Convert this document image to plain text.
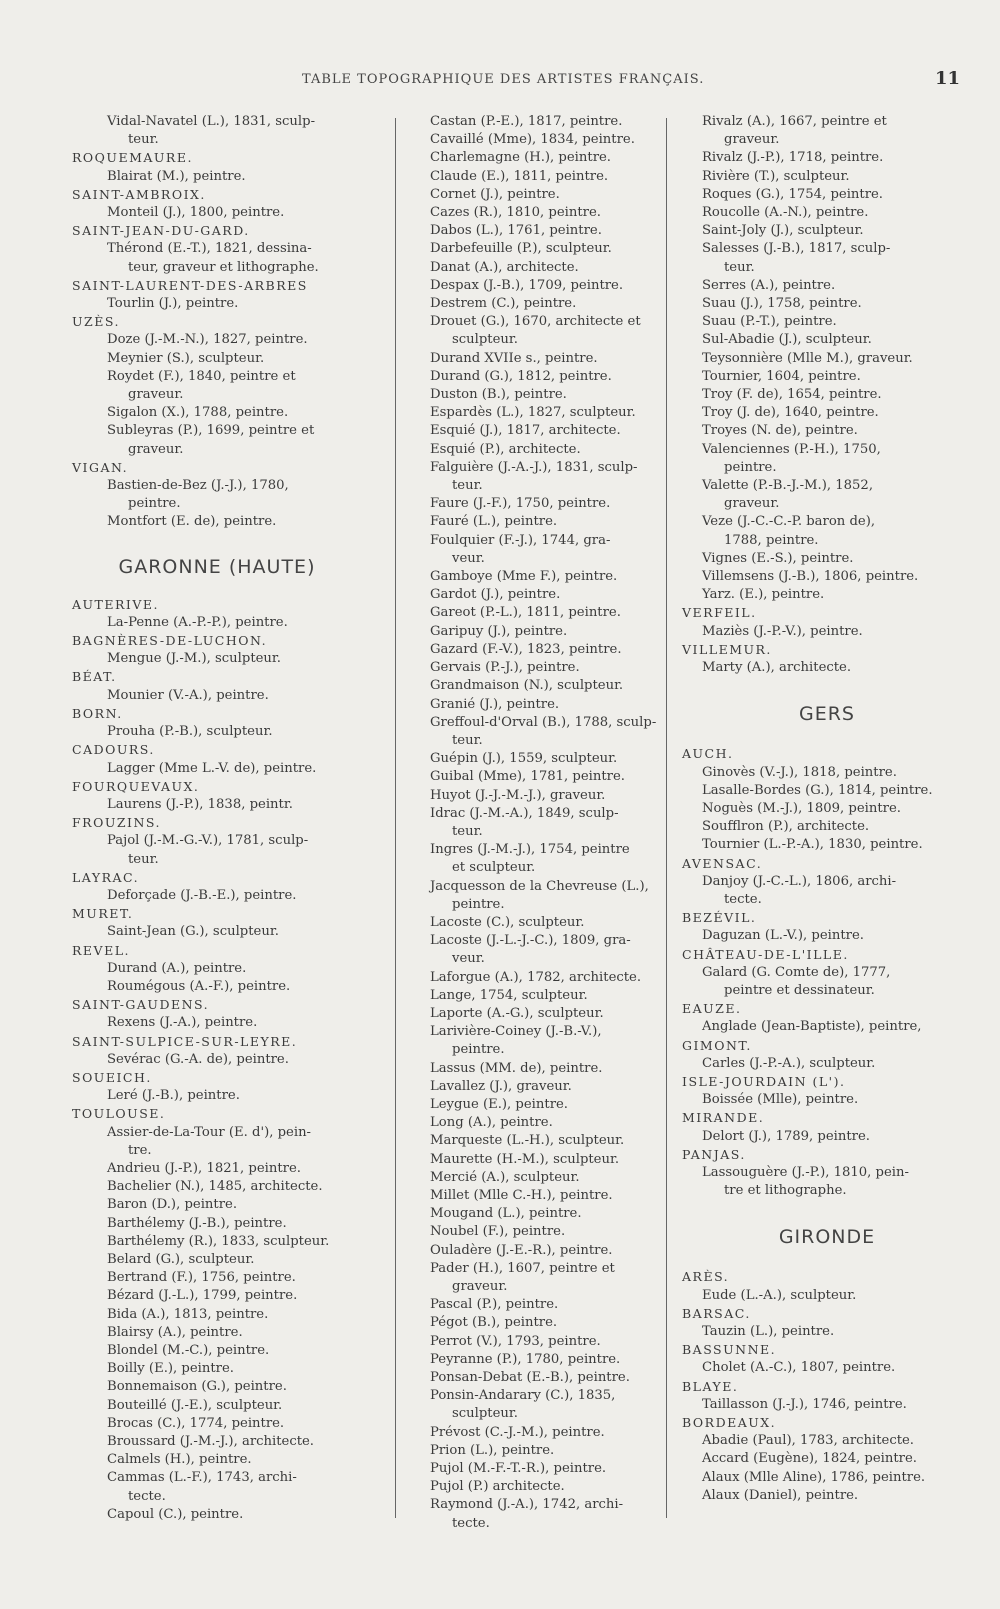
TABLE TOPOGRAPHIQUE DES ARTISTES FRANÇAIS.	11
Vidal-Navatel (L.), 1831, sculp-
teur.
ROQUEMAURE.
Blairat (M.), peintre.
SAINT-AMBROIX.
Monteil (J.), 1800, peintre.
SAINT-JEAN-DU-GARD.
Thérond (E.-T.), 1821, dessina-
teur, graveur et lithographe.
SAINT-LAURENT-DES-ARBRES
Tourlin (J.), peintre.
UZÈS.
Doze (J.-M.-N.), 1827, peintre.
Meynier (S.), sculpteur.
Roydet (F.), 1840, peintre et
graveur.
Sigalon (X.), 1788, peintre.
Subleyras (P.), 1699, peintre et
graveur.
VIGAN.
Bastien-de-Bez (J.-J.), 1780,
peintre.
Montfort (E. de), peintre.
GARONNE (HAUTE)
AUTERIVE.
La-Penne (A.-P.-P.), peintre.
BAGNÈRES-DE-LUCHON.
Mengue (J.-M.), sculpteur.
BÉAT.
Mounier (V.-A.), peintre.
BORN.
Prouha (P.-B.), sculpteur.
CADOURS.
Lagger (Mme L.-V. de), peintre.
FOURQUEVAUX.
Laurens (J.-P.), 1838, peintr.
FROUZINS.
Pajol (J.-M.-G.-V.), 1781, sculp-
teur.
LAYRAC.
Deforçade (J.-B.-E.), peintre.
MURET.
Saint-Jean (G.), sculpteur.
REVEL.
Durand (A.), peintre.
Roumégous (A.-F.), peintre.
SAINT-GAUDENS.
Rexens (J.-A.), peintre.
SAINT-SULPICE-SUR-LEYRE.
Sevérac (G.-A. de), peintre.
SOUEICH.
Leré (J.-B.), peintre.
TOULOUSE.
Assier-de-La-Tour (E. d'), pein-
tre.
Andrieu (J.-P.), 1821, peintre.
Bachelier (N.), 1485, architecte.
Baron (D.), peintre.
Barthélemy (J.-B.), peintre.
Barthélemy (R.), 1833, sculpteur.
Belard (G.), sculpteur.
Bertrand (F.), 1756, peintre.
Bézard (J.-L.), 1799, peintre.
Bida (A.), 1813, peintre.
Blairsy (A.), peintre.
Blondel (M.-C.), peintre.
Boilly (E.), peintre.
Bonnemaison (G.), peintre.
Bouteillé (J.-E.), sculpteur.
Brocas (C.), 1774, peintre.
Broussard (J.-M.-J.), architecte.
Calmels (H.), peintre.
Cammas (L.-F.), 1743, archi-
tecte.
Capoul (C.), peintre.
Castan (P.-E.), 1817, peintre.
Cavaillé (Mme), 1834, peintre.
Charlemagne (H.), peintre.
Claude (E.), 1811, peintre.
Cornet (J.), peintre.
Cazes (R.), 1810, peintre.
Dabos (L.), 1761, peintre.
Darbefeuille (P.), sculpteur.
Danat (A.), architecte.
Despax (J.-B.), 1709, peintre.
Destrem (C.), peintre.
Drouet (G.), 1670, architecte et
sculpteur.
Durand XVIIe s., peintre.
Durand (G.), 1812, peintre.
Duston (B.), peintre.
Espardès (L.), 1827, sculpteur.
Esquié (J.), 1817, architecte.
Esquié (P.), architecte.
Falguière (J.-A.-J.), 1831, sculp-
teur.
Faure (J.-F.), 1750, peintre.
Fauré (L.), peintre.
Foulquier (F.-J.), 1744, gra-
veur.
Gamboye (Mme F.), peintre.
Gardot (J.), peintre.
Gareot (P.-L.), 1811, peintre.
Garipuy (J.), peintre.
Gazard (F.-V.), 1823, peintre.
Gervais (P.-J.), peintre.
Grandmaison (N.), sculpteur.
Granié (J.), peintre.
Greffoul-d'Orval (B.), 1788, sculp-
teur.
Guépin (J.), 1559, sculpteur.
Guibal (Mme), 1781, peintre.
Huyot (J.-J.-M.-J.), graveur.
Idrac (J.-M.-A.), 1849, sculp-
teur.
Ingres (J.-M.-J.), 1754, peintre
et sculpteur.
Jacquesson de la Chevreuse (L.),
peintre.
Lacoste (C.), sculpteur.
Lacoste (J.-L.-J.-C.), 1809, gra-
veur.
Laforgue (A.), 1782, architecte.
Lange, 1754, sculpteur.
Laporte (A.-G.), sculpteur.
Larivière-Coiney (J.-B.-V.),
peintre.
Lassus (MM. de), peintre.
Lavallez (J.), graveur.
Leygue (E.), peintre.
Long (A.), peintre.
Marqueste (L.-H.), sculpteur.
Maurette (H.-M.), sculpteur.
Mercié (A.), sculpteur.
Millet (Mlle C.-H.), peintre.
Mougand (L.), peintre.
Noubel (F.), peintre.
Ouladère (J.-E.-R.), peintre.
Pader (H.), 1607, peintre et
graveur.
Pascal (P.), peintre.
Pégot (B.), peintre.
Perrot (V.), 1793, peintre.
Peyranne (P.), 1780, peintre.
Ponsan-Debat (E.-B.), peintre.
Ponsin-Andarary (C.), 1835,
sculpteur.
Prévost (C.-J.-M.), peintre.
Prion (L.), peintre.
Pujol (M.-F.-T.-R.), peintre.
Pujol (P.) architecte.
Raymond (J.-A.), 1742, archi-
tecte.
Rivalz (A.), 1667, peintre et
graveur.
Rivalz (J.-P.), 1718, peintre.
Rivière (T.), sculpteur.
Roques (G.), 1754, peintre.
Roucolle (A.-N.), peintre.
Saint-Joly (J.), sculpteur.
Salesses (J.-B.), 1817, sculp-
teur.
Serres (A.), peintre.
Suau (J.), 1758, peintre.
Suau (P.-T.), peintre.
Sul-Abadie (J.), sculpteur.
Teysonnière (Mlle M.), graveur.
Tournier, 1604, peintre.
Troy (F. de), 1654, peintre.
Troy (J. de), 1640, peintre.
Troyes (N. de), peintre.
Valenciennes (P.-H.), 1750,
peintre.
Valette (P.-B.-J.-M.), 1852,
graveur.
Veze (J.-C.-C.-P. baron de),
1788, peintre.
Vignes (E.-S.), peintre.
Villemsens (J.-B.), 1806, peintre.
Yarz. (E.), peintre.
VERFEIL.
Maziès (J.-P.-V.), peintre.
VILLEMUR.
Marty (A.), architecte.
GERS
AUCH.
Ginovès (V.-J.), 1818, peintre.
Lasalle-Bordes (G.), 1814, peintre.
Noguès (M.-J.), 1809, peintre.
Soufflron (P.), architecte.
Tournier (L.-P.-A.), 1830, peintre.
AVENSAC.
Danjoy (J.-C.-L.), 1806, archi-
tecte.
BEZÉVIL.
Daguzan (L.-V.), peintre.
CHÂTEAU-DE-L'ILLE.
Galard (G. Comte de), 1777,
peintre et dessinateur.
EAUZE.
Anglade (Jean-Baptiste), peintre,
GIMONT.
Carles (J.-P.-A.), sculpteur.
ISLE-JOURDAIN (L').
Boissée (Mlle), peintre.
MIRANDE.
Delort (J.), 1789, peintre.
PANJAS.
Lassouguère (J.-P.), 1810, pein-
tre et lithographe.
GIRONDE
ARÈS.
Eude (L.-A.), sculpteur.
BARSAC.
Tauzin (L.), peintre.
BASSUNNE.
Cholet (A.-C.), 1807, peintre.
BLAYE.
Taillasson (J.-J.), 1746, peintre.
BORDEAUX.
Abadie (Paul), 1783, architecte.
Accard (Eugène), 1824, peintre.
Alaux (Mlle Aline), 1786, peintre.
Alaux (Daniel), peintre.
